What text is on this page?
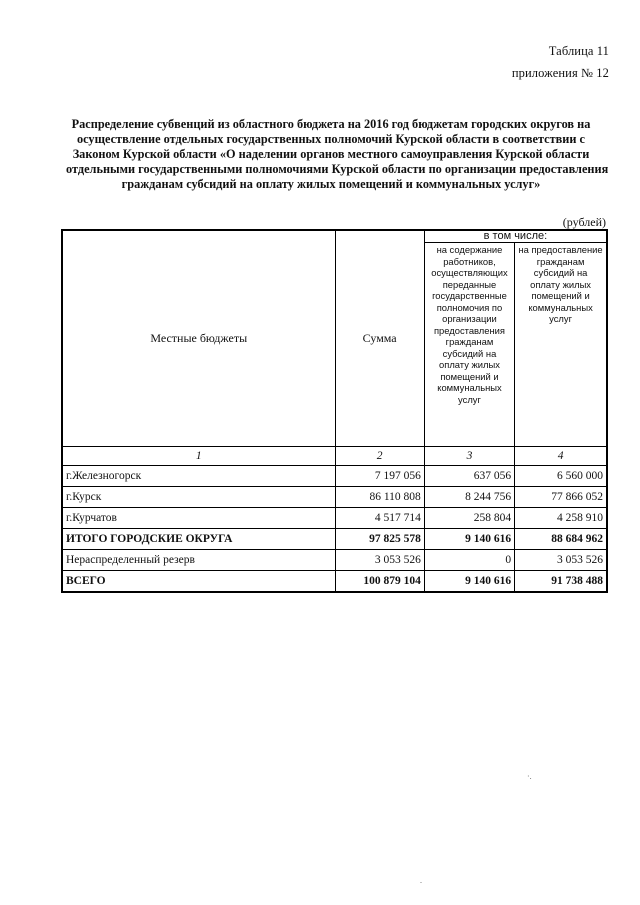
Таблица 11
приложения № 12
Распределение субвенций из областного бюджета на 2016 год бюджетам городских округов на
осуществление отдельных государственных полномочий Курской области в соответствии с
Законом Курской области «О наделении органов местного самоуправления Курской области
отдельными государственными полномочиями Курской области по организации предоставления
гражданам субсидий на оплату жилых помещений и коммунальных услуг»
(рублей)
Местные бюджеты	Сумма	в том числе:	
		на содержание работников, осуществляющих переданные государственные полномочия по организации предоставления гражданам субсидий на оплату жилых помещений и коммунальных услуг	на предоставление гражданам субсидий на оплату жилых помещений и коммунальных услуг
1	2	3	4
г.Железногорск	7 197 056	637 056	6 560 000
г.Курск	86 110 808	8 244 756	77 866 052
г.Курчатов	4 517 714	258 804	4 258 910
ИТОГО ГОРОДСКИЕ ОКРУГА	97 825 578	9 140 616	88 684 962
Нераспределенный резерв	3 053 526	0	3 053 526
ВСЕГО	100 879 104	9 140 616	91 738 488
·.
.
